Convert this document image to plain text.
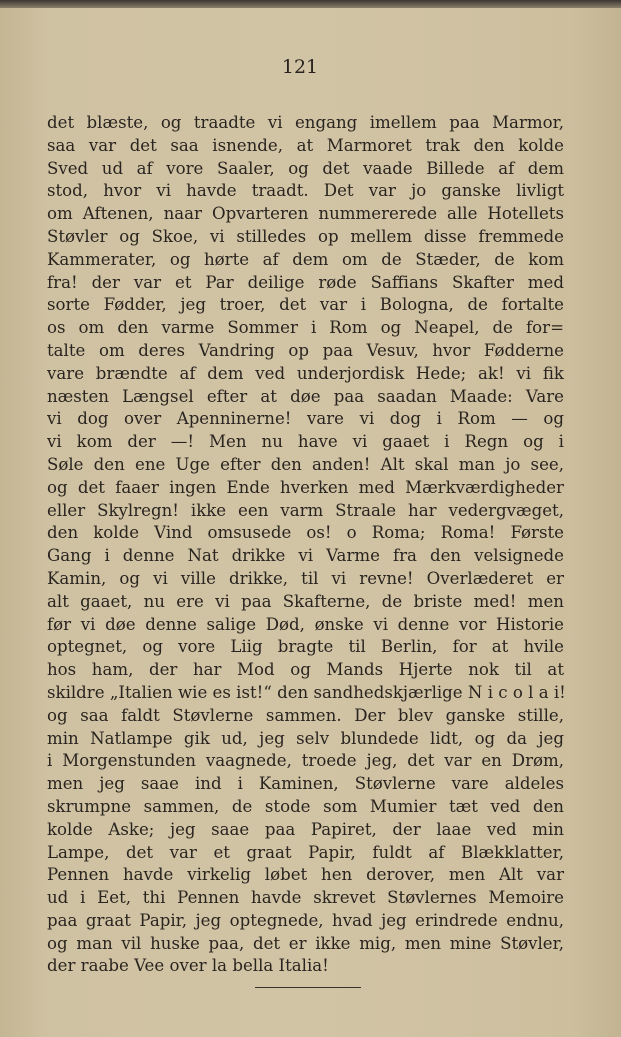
121
det blæste, og traadte vi engang imellem paa Marmor,
saa var det saa isnende, at Marmoret trak den kolde
Sved ud af vore Saaler, og det vaade Billede af dem
stod, hvor vi havde traadt. Det var jo ganske livligt
om Aftenen, naar Opvarteren nummererede alle Hotellets
Støvler og Skoe, vi stilledes op mellem disse fremmede
Kammerater, og hørte af dem om de Stæder, de kom
fra! der var et Par deilige røde Saffians Skafter med
sorte Fødder, jeg troer, det var i Bologna, de fortalte
os om den varme Sommer i Rom og Neapel, de for=
talte om deres Vandring op paa Vesuv, hvor Fødderne
vare brændte af dem ved underjordisk Hede; ak! vi fik
næsten Længsel efter at døe paa saadan Maade: Vare
vi dog over Apenninerne! vare vi dog i Rom — og
vi kom der —! Men nu have vi gaaet i Regn og i
Søle den ene Uge efter den anden! Alt skal man jo see,
og det faaer ingen Ende hverken med Mærkværdigheder
eller Skylregn! ikke een varm Straale har vedergvæget,
den kolde Vind omsusede os! o Roma; Roma! Første
Gang i denne Nat drikke vi Varme fra den velsignede
Kamin, og vi ville drikke, til vi revne! Overlæderet er
alt gaaet, nu ere vi paa Skafterne, de briste med! men
før vi døe denne salige Død, ønske vi denne vor Historie
optegnet, og vore Liig bragte til Berlin, for at hvile
hos ham, der har Mod og Mands Hjerte nok til at
skildre „Italien wie es ist!“ den sandhedskjærlige N i c o l a i!
og saa faldt Støvlerne sammen. Der blev ganske stille,
min Natlampe gik ud, jeg selv blundede lidt, og da jeg
i Morgenstunden vaagnede, troede jeg, det var en Drøm,
men jeg saae ind i Kaminen, Støvlerne vare aldeles
skrumpne sammen, de stode som Mumier tæt ved den
kolde Aske; jeg saae paa Papiret, der laae ved min
Lampe, det var et graat Papir, fuldt af Blækklatter,
Pennen havde virkelig løbet hen derover, men Alt var
ud i Eet, thi Pennen havde skrevet Støvlernes Memoire
paa graat Papir, jeg optegnede, hvad jeg erindrede endnu,
og man vil huske paa, det er ikke mig, men mine Støvler,
der raabe Vee over la bella Italia!
